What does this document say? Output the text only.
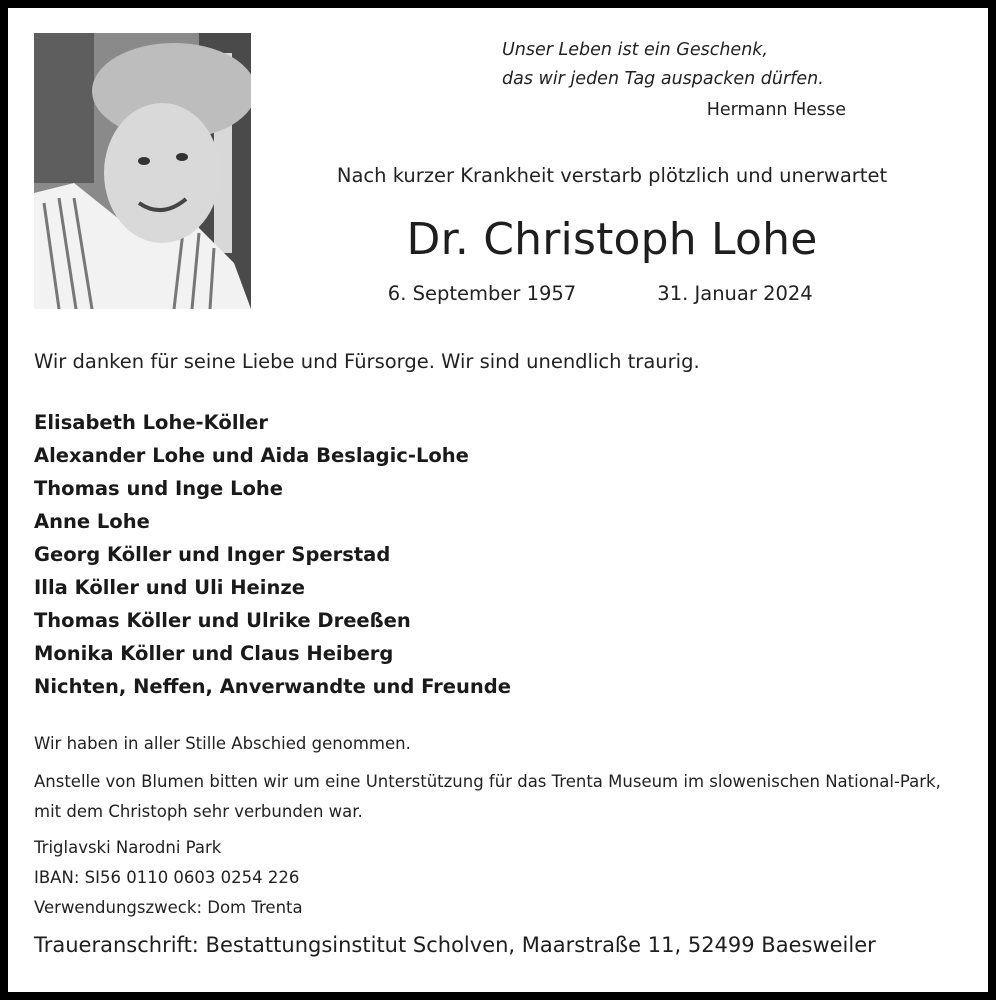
Unser Leben ist ein Geschenk,
das wir jeden Tag auspacken dürfen.
Hermann Hesse
Nach kurzer Krankheit verstarb plötzlich und unerwartet
Dr. Christoph Lohe
6. September 1957	31. Januar 2024
Wir danken für seine Liebe und Fürsorge. Wir sind unendlich traurig.
Elisabeth Lohe-Köller
Alexander Lohe und Aida Beslagic-Lohe
Thomas und Inge Lohe
Anne Lohe
Georg Köller und Inger Sperstad
Illa Köller und Uli Heinze
Thomas Köller und Ulrike Dreeßen
Monika Köller und Claus Heiberg
Nichten, Neffen, Anverwandte und Freunde
Wir haben in aller Stille Abschied genommen.
Anstelle von Blumen bitten wir um eine Unterstützung für das Trenta Museum im slowenischen National-Park, mit dem Christoph sehr verbunden war.
Triglavski Narodni Park
IBAN: SI56 0110 0603 0254 226
Verwendungszweck: Dom Trenta
Traueranschrift: Bestattungsinstitut Scholven, Maarstraße 11, 52499 Baesweiler
